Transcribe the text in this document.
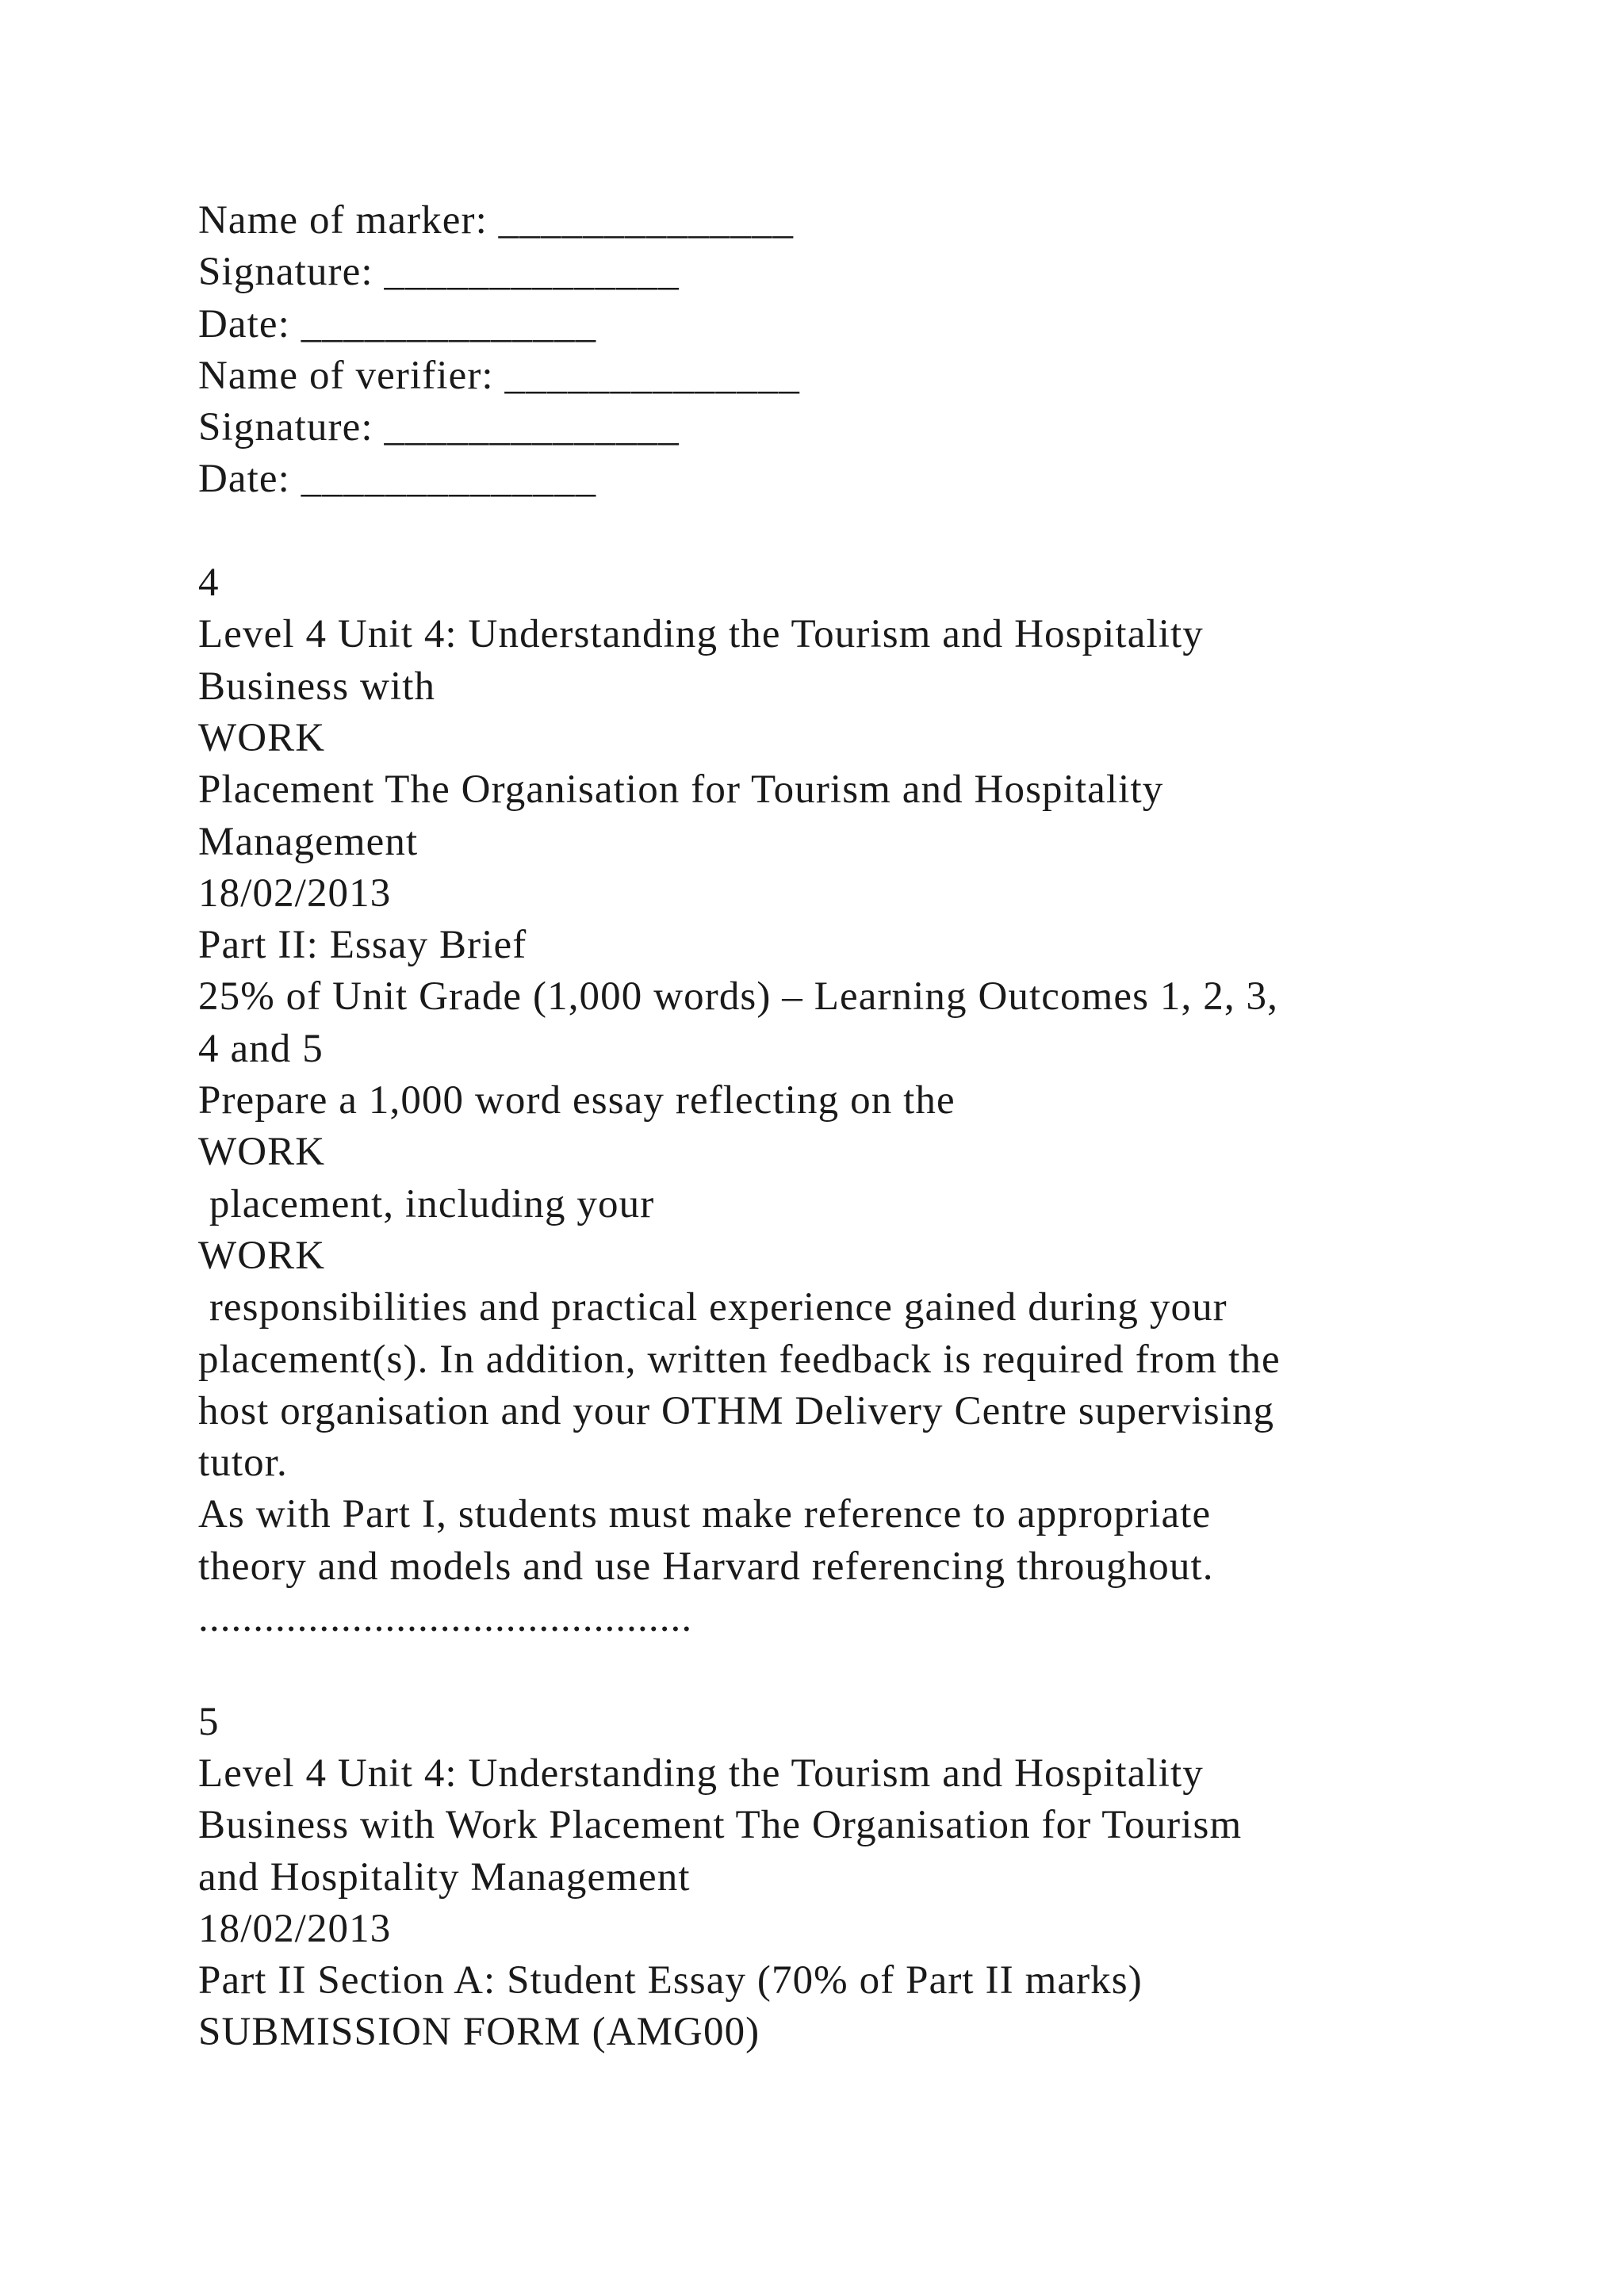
Name of marker: ______________
Signature: ______________
Date: ______________
Name of verifier: ______________
Signature: ______________
Date: ______________
4
Level 4 Unit 4: Understanding the Tourism and Hospitality
Business with
WORK
Placement The Organisation for Tourism and Hospitality
Management
18/02/2013
Part II: Essay Brief
25% of Unit Grade (1,000 words) – Learning Outcomes 1, 2, 3,
4 and 5
Prepare a 1,000 word essay reflecting on the
WORK
placement, including your
WORK
responsibilities and practical experience gained during your
placement(s). In addition, written feedback is required from the
host organisation and your OTHM Delivery Centre supervising
tutor.
As with Part I, students must make reference to appropriate
theory and models and use Harvard referencing throughout.
.............................................
5
Level 4 Unit 4: Understanding the Tourism and Hospitality
Business with Work Placement The Organisation for Tourism
and Hospitality Management
18/02/2013
Part II Section A: Student Essay (70% of Part II marks)
SUBMISSION FORM (AMG00)
